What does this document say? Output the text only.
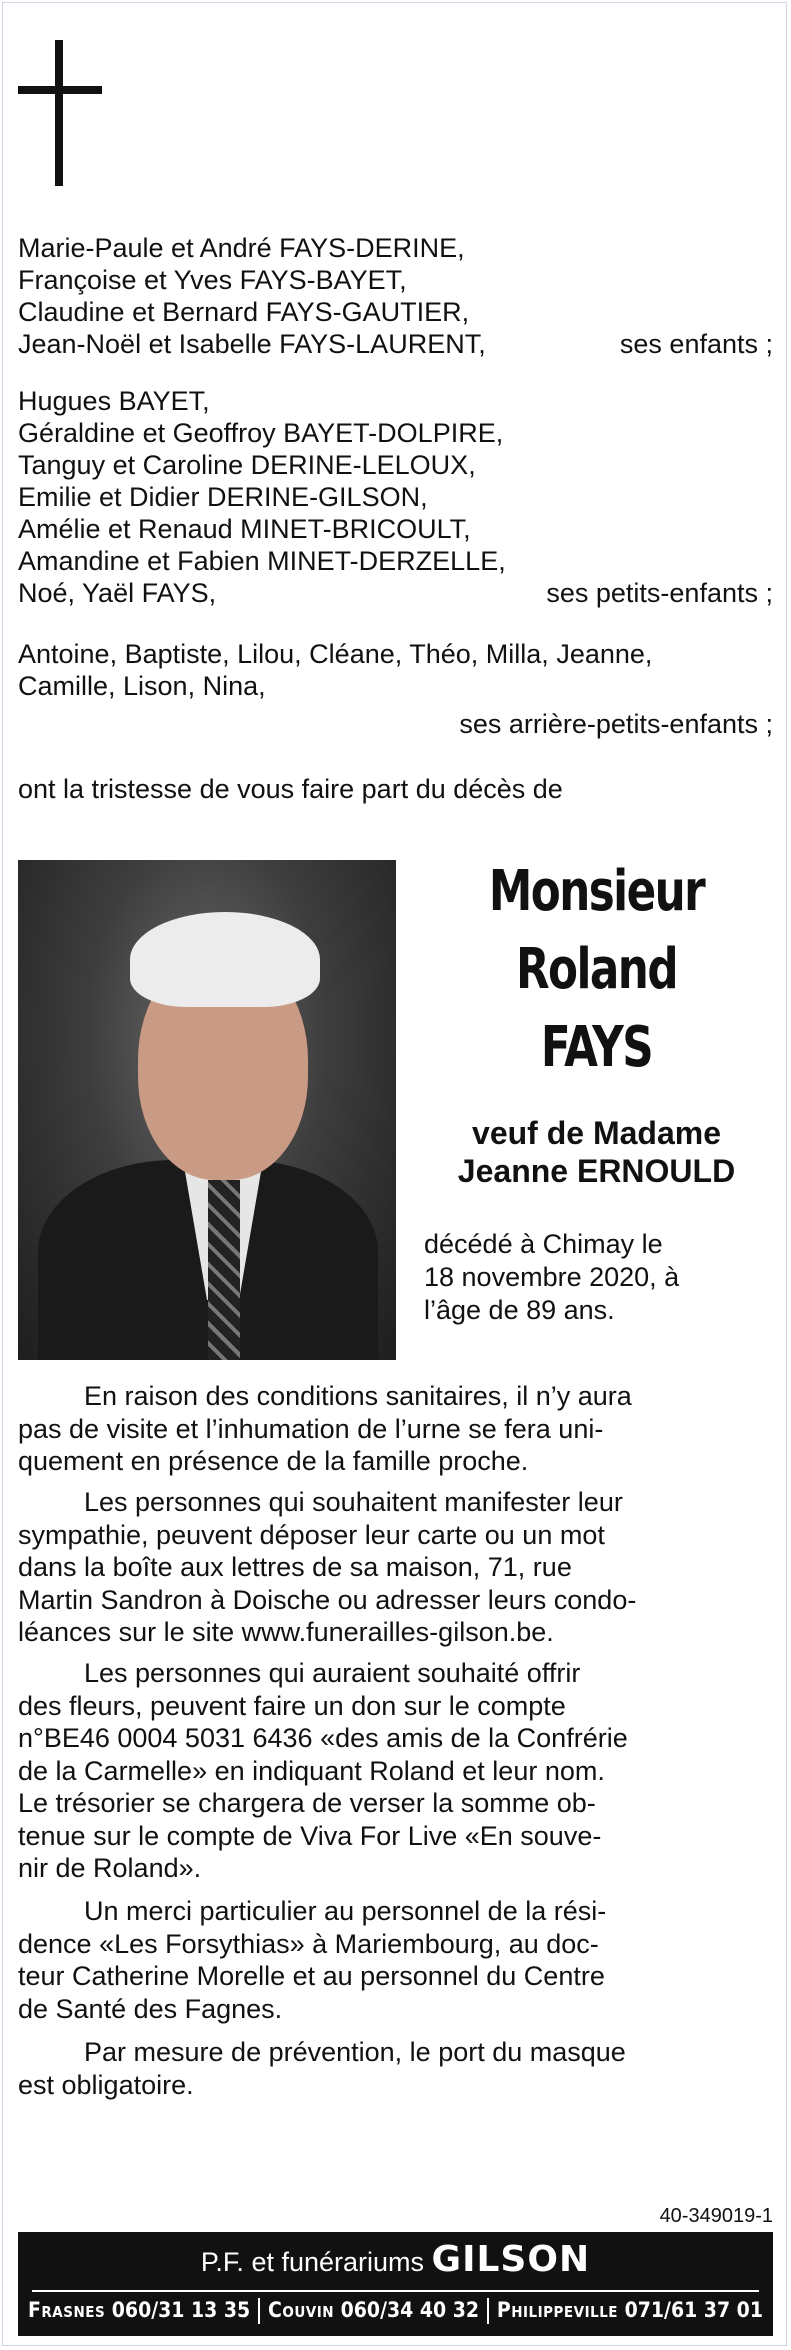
Marie-Paule et André FAYS-DERINE,
Françoise et Yves FAYS-BAYET,
Claudine et Bernard FAYS-GAUTIER,
Jean-Noël et Isabelle FAYS-LAURENT,	ses enfants ;
Hugues BAYET,
Géraldine et Geoffroy BAYET-DOLPIRE,
Tanguy et Caroline DERINE-LELOUX,
Emilie et Didier DERINE-GILSON,
Amélie et Renaud MINET-BRICOULT,
Amandine et Fabien MINET-DERZELLE,
Noé, Yaël FAYS,	ses petits-enfants ;
Antoine, Baptiste, Lilou, Cléane, Théo, Milla, Jeanne,
Camille, Lison, Nina,
ses arrière-petits-enfants ;
ont la tristesse de vous faire part du décès de
Monsieur
Roland
FAYS
veuf de Madame
Jeanne ERNOULD
décédé à Chimay le
18 novembre 2020, à
l’âge de 89 ans.
En raison des conditions sanitaires, il n’y aura
pas de visite et l’inhumation de l’urne se fera uni-
quement en présence de la famille proche.
Les personnes qui souhaitent manifester leur
sympathie, peuvent déposer leur carte ou un mot
dans la boîte aux lettres de sa maison, 71, rue
Martin Sandron à Doische ou adresser leurs condo-
léances sur le site www.funerailles-gilson.be.
Les personnes qui auraient souhaité offrir
des fleurs, peuvent faire un don sur le compte
n°BE46 0004 5031 6436 «des amis de la Confrérie
de la Carmelle» en indiquant Roland et leur nom.
Le trésorier se chargera de verser la somme ob-
tenue sur le compte de Viva For Live «En souve-
nir de Roland».
Un merci particulier au personnel de la rési-
dence «Les Forsythias» à Mariembourg, au doc-
teur Catherine Morelle et au personnel du Centre
de Santé des Fagnes.
Par mesure de prévention, le port du masque
est obligatoire.
40-349019-1
P.F. et funérariums GILSON
Frasnes 060/31 13 35 Couvin 060/34 40 32 Philippeville 071/61 37 01
